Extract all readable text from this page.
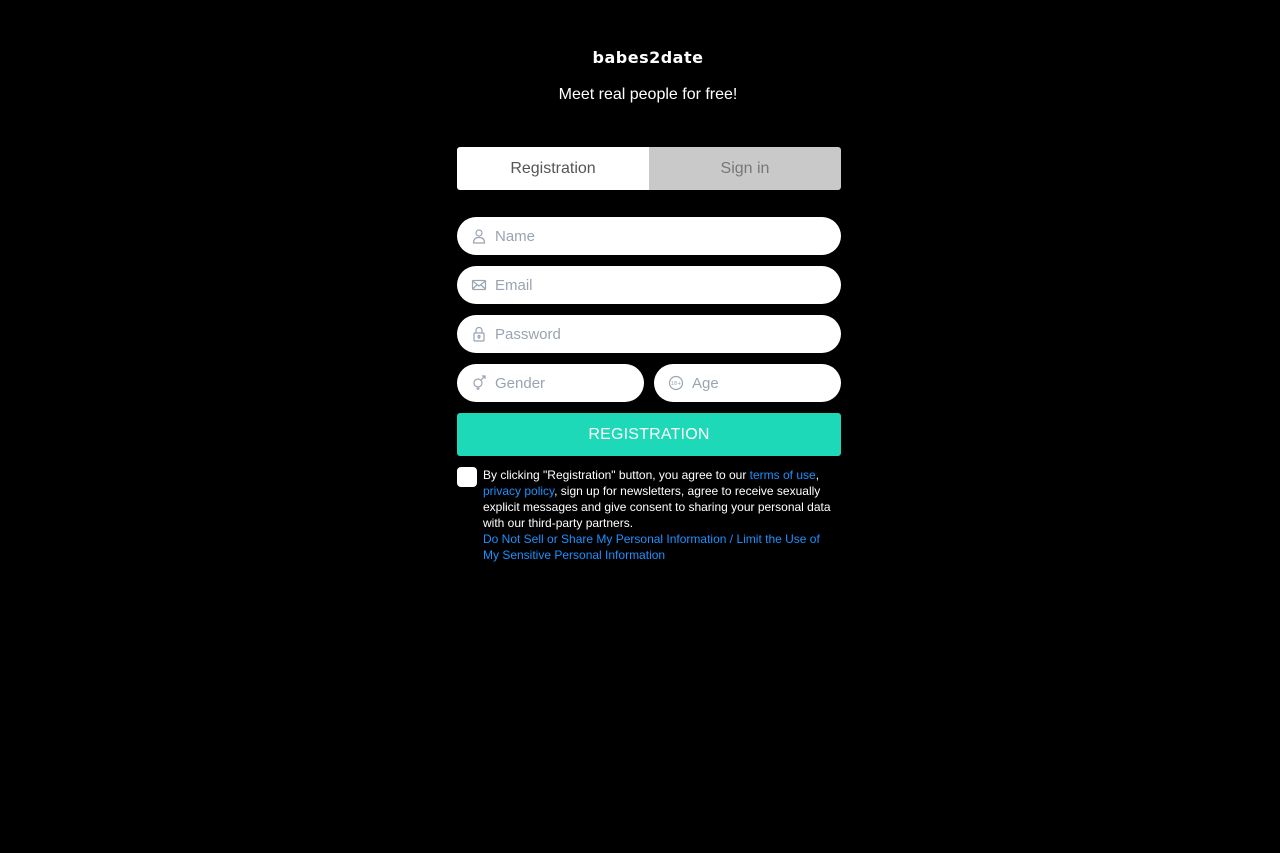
babes2date
Meet real people for free!
Registration	Sign in
Name
Email
Gender
18+
Age
REGISTRATION
By clicking "Registration" button, you agree to our terms of use, privacy policy, sign up for newsletters, agree to receive sexually explicit messages and give consent to sharing your personal data with our third-party partners.
Do Not Sell or Share My Personal Information / Limit the Use of My Sensitive Personal Information
